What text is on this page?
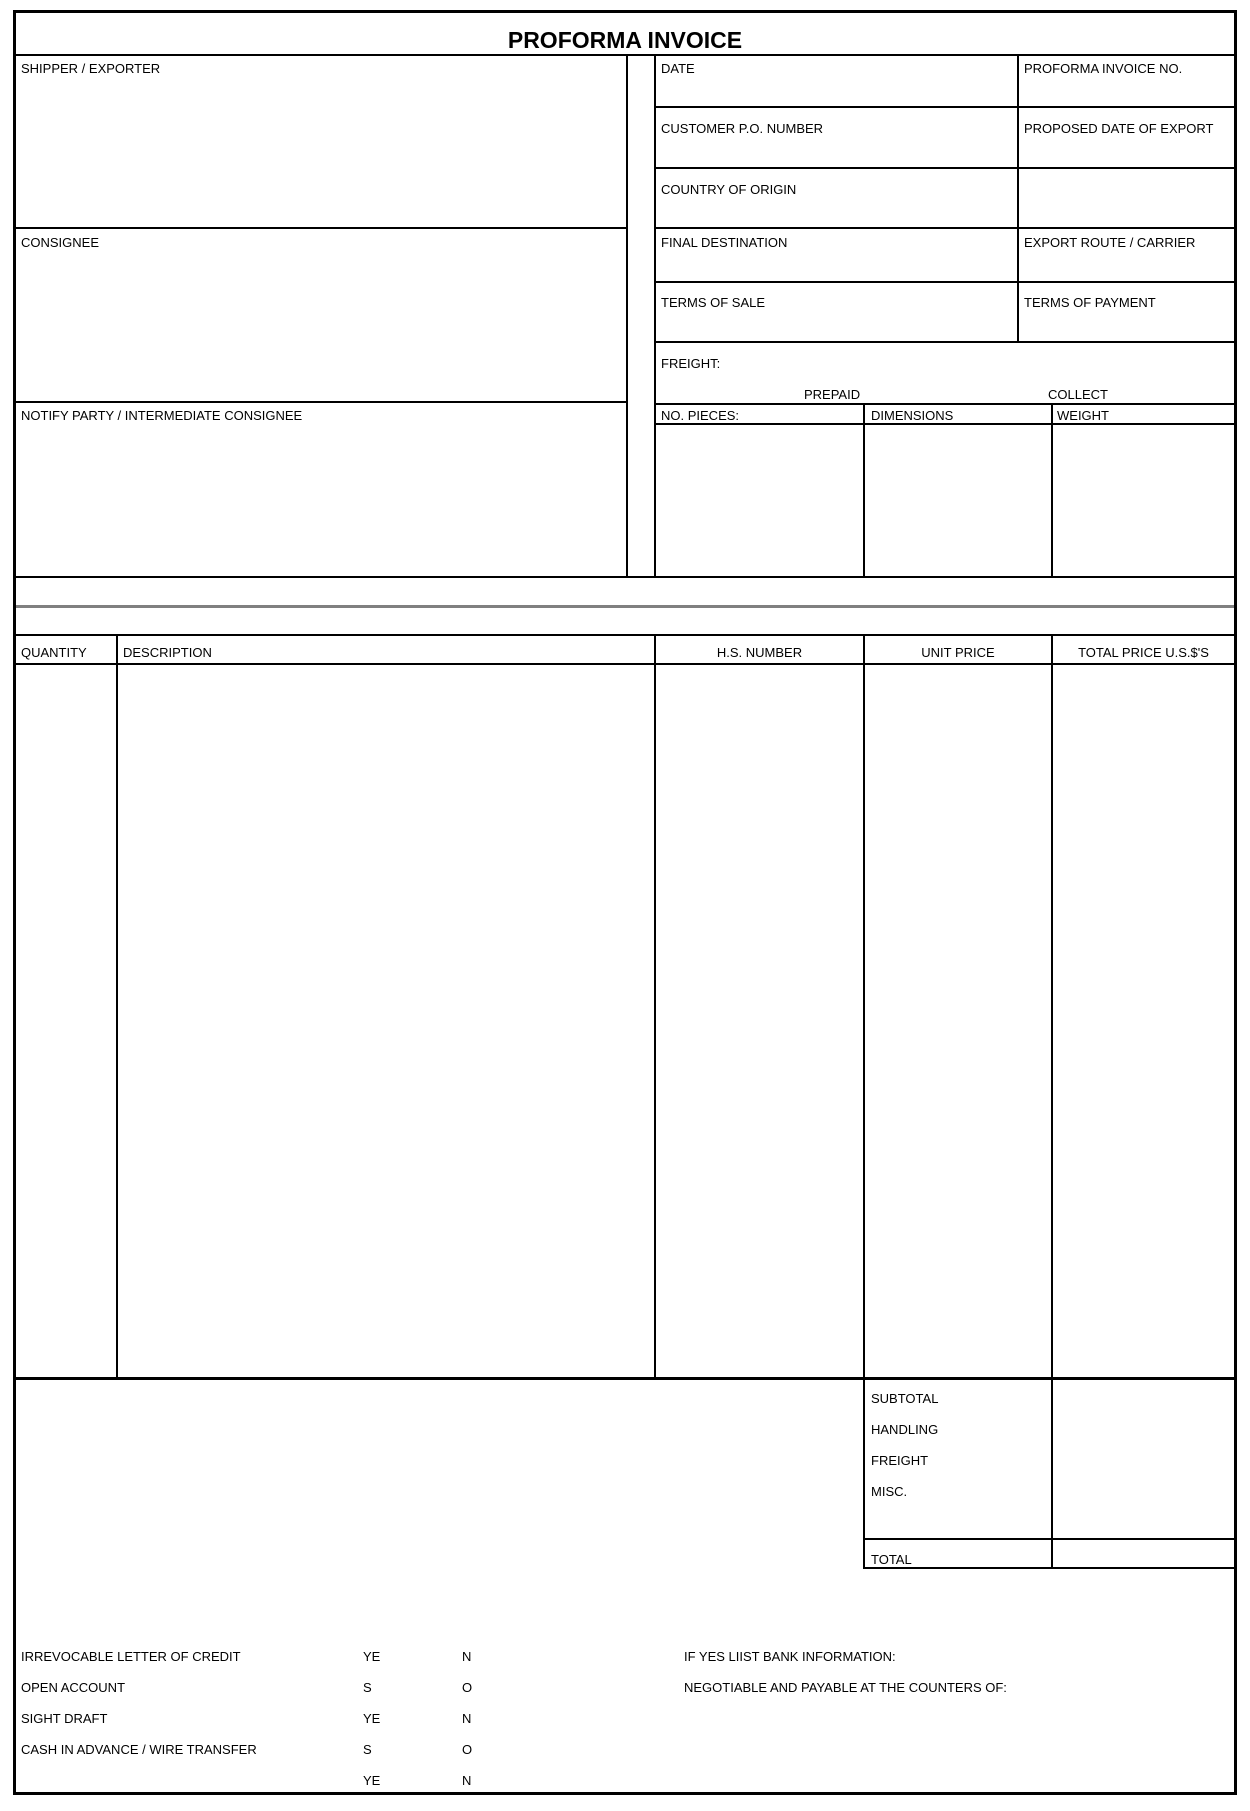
PROFORMA INVOICE
SHIPPER / EXPORTER
CONSIGNEE
NOTIFY PARTY / INTERMEDIATE CONSIGNEE
DATE	PROFORMA INVOICE NO.
CUSTOMER P.O. NUMBER	PROPOSED DATE OF EXPORT
COUNTRY OF ORIGIN
FINAL DESTINATION	EXPORT ROUTE / CARRIER
TERMS OF SALE	TERMS OF PAYMENT
FREIGHT:
PREPAID	COLLECT
NO. PIECES:	DIMENSIONS	WEIGHT
QUANTITY	DESCRIPTION	H.S. NUMBER	UNIT PRICE	TOTAL PRICE U.S.$'S
SUBTOTAL
HANDLING
FREIGHT
MISC.
TOTAL
IRREVOCABLE LETTER OF CREDIT	YE	N
OPEN ACCOUNT	S	O
SIGHT DRAFT	YE	N
CASH IN ADVANCE / WIRE TRANSFER	S	O
YE	N
IF YES LIIST BANK INFORMATION:
NEGOTIABLE AND PAYABLE AT THE COUNTERS OF:
